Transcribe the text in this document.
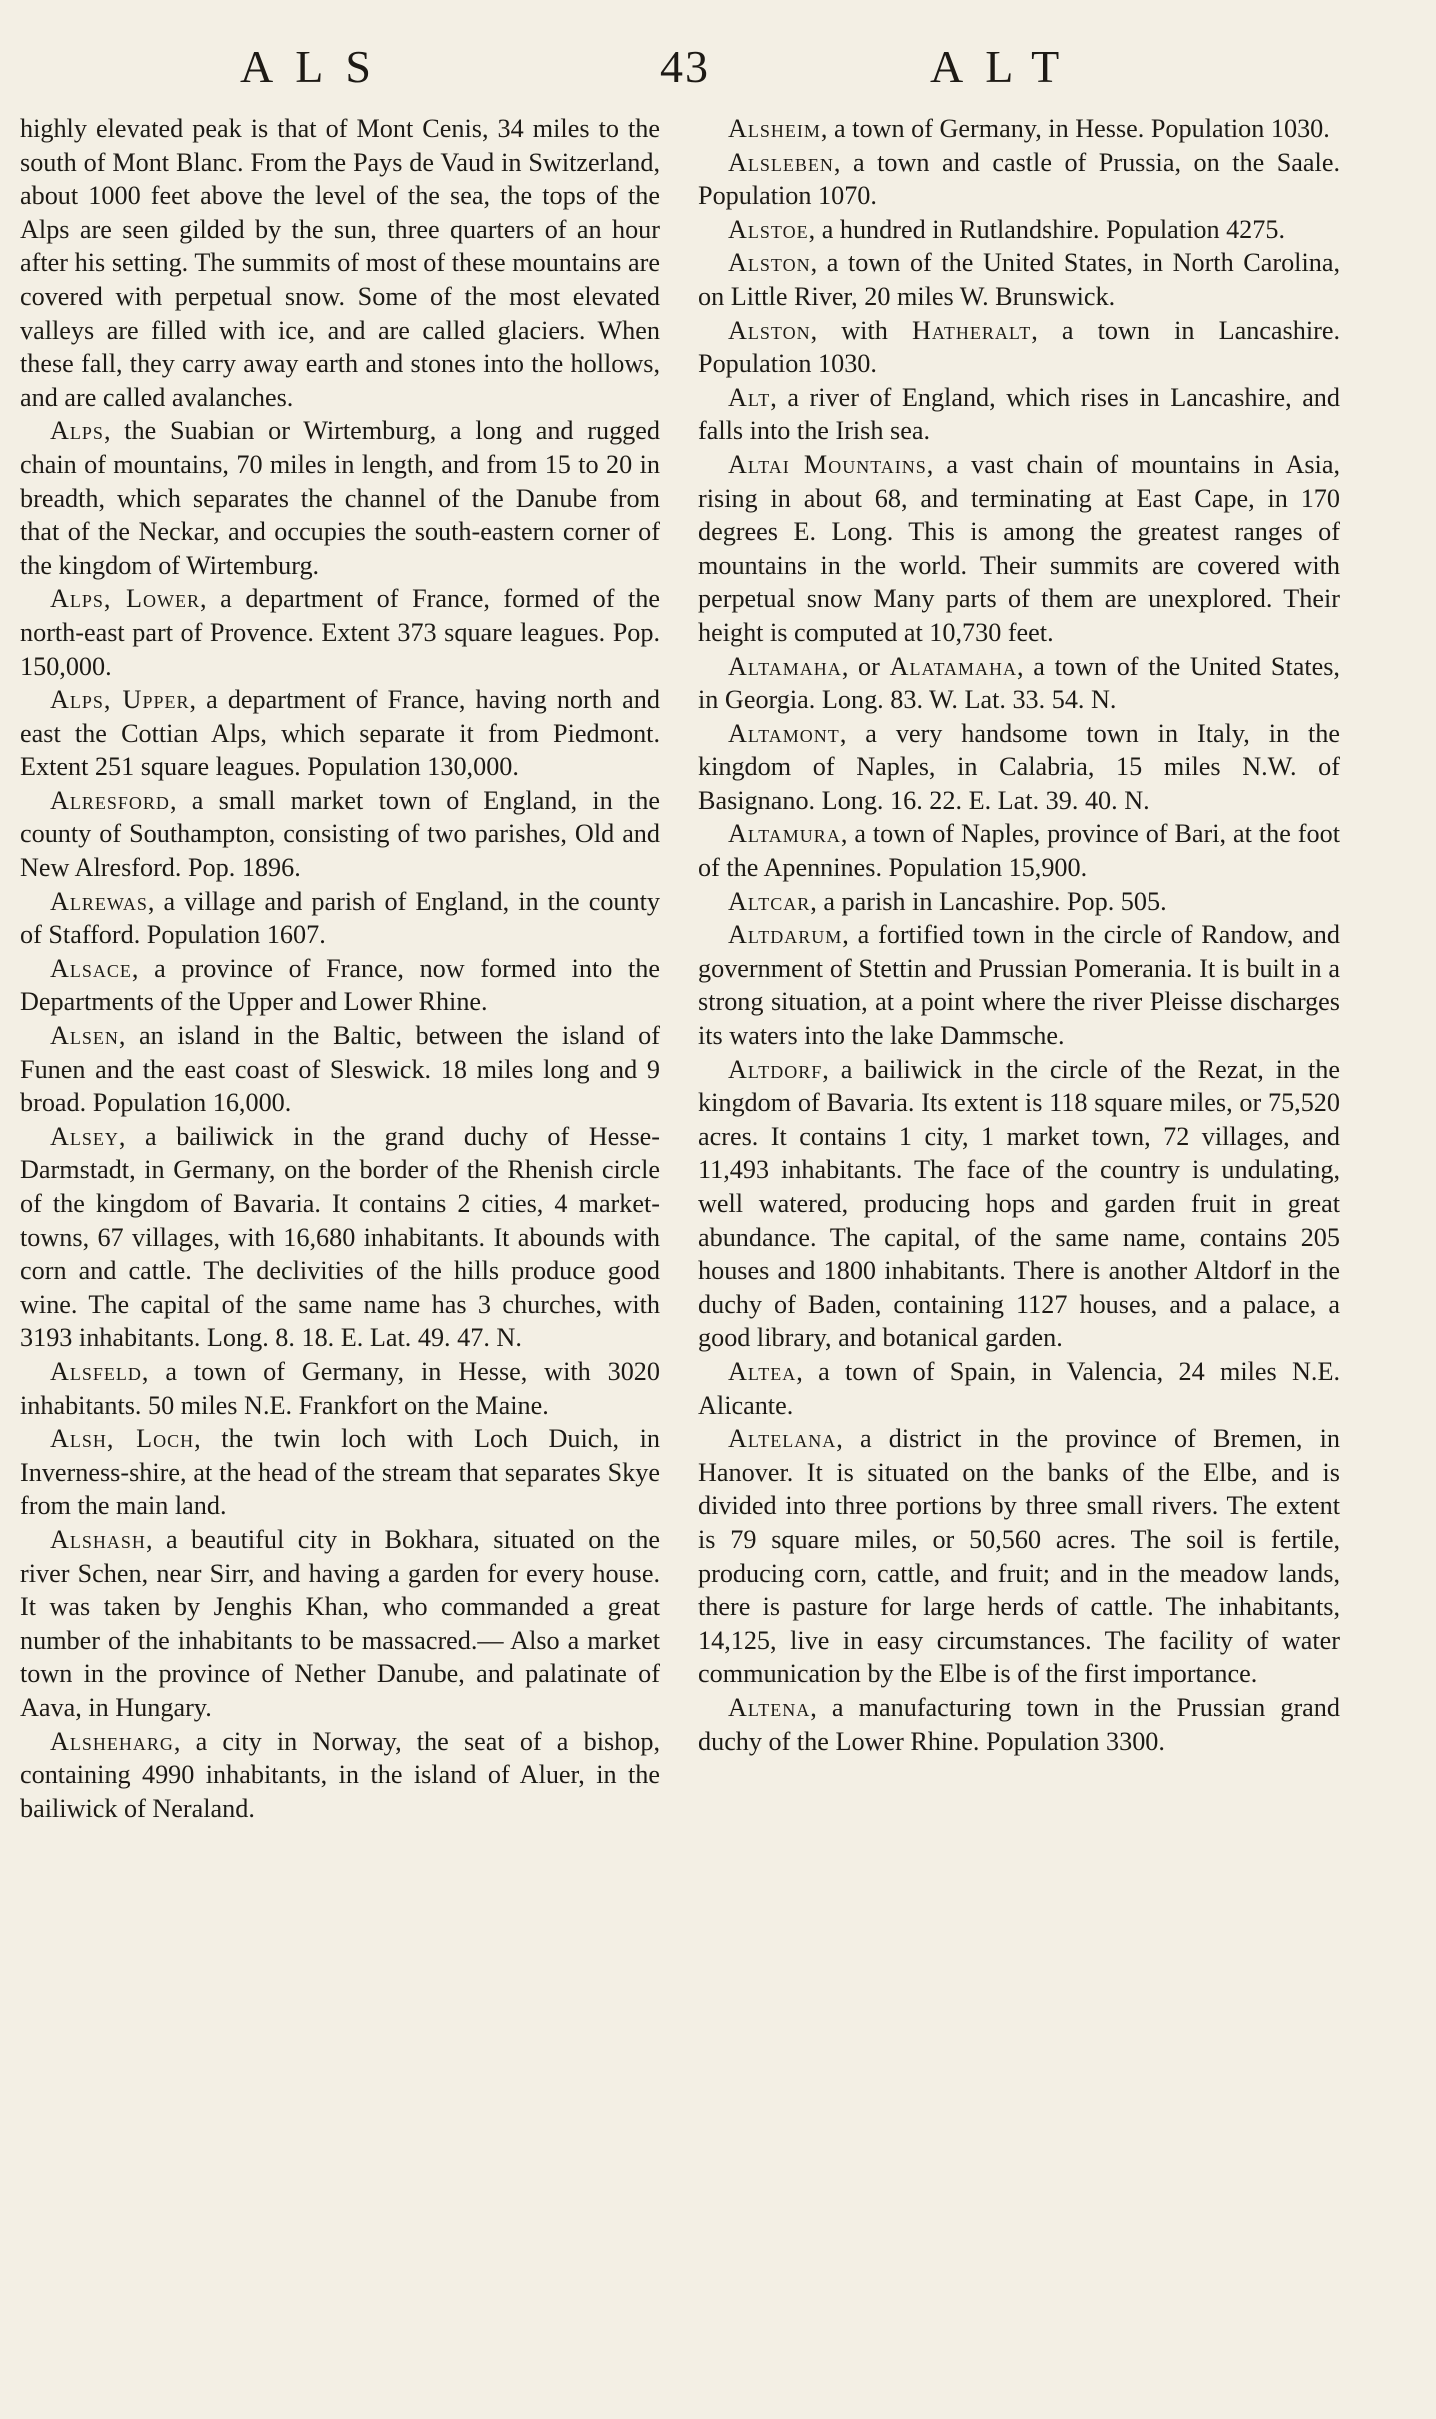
ALS	43	ALT

highly elevated peak is that of Mont Cenis, 34 miles to the south of Mont Blanc. From the Pays de Vaud in Switzerland, about 1000 feet above the level of the sea, the tops of the Alps are seen gilded by the sun, three quarters of an hour after his setting. The summits of most of these mountains are covered with perpetual snow. Some of the most elevated valleys are filled with ice, and are called glaciers. When these fall, they carry away earth and stones into the hollows, and are called avalanches.

Alps, the Suabian or Wirtemburg, a long and rugged chain of mountains, 70 miles in length, and from 15 to 20 in breadth, which separates the channel of the Danube from that of the Neckar, and occupies the south-eastern corner of the kingdom of Wirtemburg.

Alps, Lower, a department of France, formed of the north-east part of Provence. Extent 373 square leagues. Pop. 150,000.

Alps, Upper, a department of France, having north and east the Cottian Alps, which separate it from Piedmont. Extent 251 square leagues. Population 130,000.

Alresford, a small market town of England, in the county of Southampton, consisting of two parishes, Old and New Alresford. Pop. 1896.

Alrewas, a village and parish of England, in the county of Stafford. Population 1607.

Alsace, a province of France, now formed into the Departments of the Upper and Lower Rhine.

Alsen, an island in the Baltic, between the island of Funen and the east coast of Sleswick. 18 miles long and 9 broad. Population 16,000.

Alsey, a bailiwick in the grand duchy of Hesse-Darmstadt, in Germany, on the border of the Rhenish circle of the kingdom of Bavaria. It contains 2 cities, 4 market-towns, 67 villages, with 16,680 inhabitants. It abounds with corn and cattle. The declivities of the hills produce good wine. The capital of the same name has 3 churches, with 3193 inhabitants. Long. 8. 18. E. Lat. 49. 47. N.

Alsfeld, a town of Germany, in Hesse, with 3020 inhabitants. 50 miles N.E. Frankfort on the Maine.

Alsh, Loch, the twin loch with Loch Duich, in Inverness-shire, at the head of the stream that separates Skye from the main land.

Alshash, a beautiful city in Bokhara, situated on the river Schen, near Sirr, and having a garden for every house. It was taken by Jenghis Khan, who commanded a great number of the inhabitants to be massacred.— Also a market town in the province of Nether Danube, and palatinate of Aava, in Hungary.

Alsheharg, a city in Norway, the seat of a bishop, containing 4990 inhabitants, in the island of Aluer, in the bailiwick of Neraland.

Alsheim, a town of Germany, in Hesse. Population 1030.

Alsleben, a town and castle of Prussia, on the Saale. Population 1070.

Alstoe, a hundred in Rutlandshire. Population 4275.

Alston, a town of the United States, in North Carolina, on Little River, 20 miles W. Brunswick.

Alston, with Hatheralt, a town in Lancashire. Population 1030.

Alt, a river of England, which rises in Lancashire, and falls into the Irish sea.

Altai Mountains, a vast chain of mountains in Asia, rising in about 68, and terminating at East Cape, in 170 degrees E. Long. This is among the greatest ranges of mountains in the world. Their summits are covered with perpetual snow Many parts of them are unexplored. Their height is computed at 10,730 feet.

Altamaha, or Alatamaha, a town of the United States, in Georgia. Long. 83. W. Lat. 33. 54. N.

Altamont, a very handsome town in Italy, in the kingdom of Naples, in Calabria, 15 miles N.W. of Basignano. Long. 16. 22. E. Lat. 39. 40. N.

Altamura, a town of Naples, province of Bari, at the foot of the Apennines. Population 15,900.

Altcar, a parish in Lancashire. Pop. 505.

Altdarum, a fortified town in the circle of Randow, and government of Stettin and Prussian Pomerania. It is built in a strong situation, at a point where the river Pleisse discharges its waters into the lake Dammsche.

Altdorf, a bailiwick in the circle of the Rezat, in the kingdom of Bavaria. Its extent is 118 square miles, or 75,520 acres. It contains 1 city, 1 market town, 72 villages, and 11,493 inhabitants. The face of the country is undulating, well watered, producing hops and garden fruit in great abundance. The capital, of the same name, contains 205 houses and 1800 inhabitants. There is another Altdorf in the duchy of Baden, containing 1127 houses, and a palace, a good library, and botanical garden.

Altea, a town of Spain, in Valencia, 24 miles N.E. Alicante.

Altelana, a district in the province of Bremen, in Hanover. It is situated on the banks of the Elbe, and is divided into three portions by three small rivers. The extent is 79 square miles, or 50,560 acres. The soil is fertile, producing corn, cattle, and fruit; and in the meadow lands, there is pasture for large herds of cattle. The inhabitants, 14,125, live in easy circumstances. The facility of water communication by the Elbe is of the first importance.

Altena, a manufacturing town in the Prussian grand duchy of the Lower Rhine. Population 3300.
